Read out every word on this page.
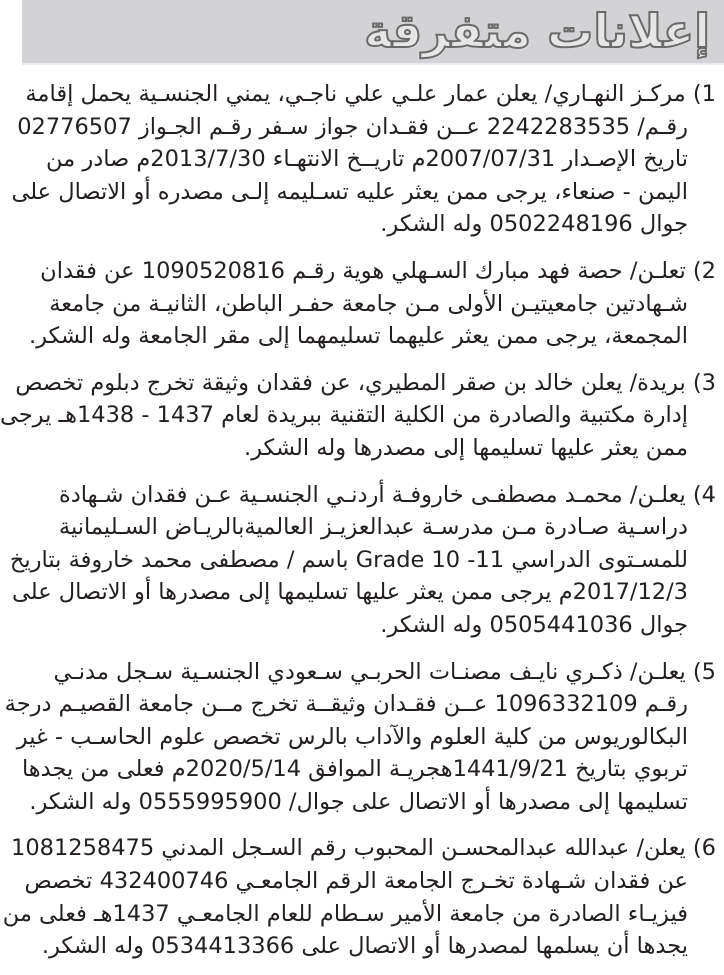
إعلانات متفرقة
1) مركـز النهـاري/ يعلن عمار علـي علي ناجـي، يمني الجنسـية يحمل إقامة
رقـم/ 2242283535 عــن فقـدان جواز سـفر رقـم الجـواز 02776507
تاريخ الإصـدار 2007/07/31م تاريــخ الانتهـاء 2013/7/30م صادر من
اليمن - صنعاء، يرجى ممن يعثر عليه تسـليمه إلـى مصدره أو الاتصال على
جوال 0502248196 وله الشكر.
2) تعلـن/ حصة فهد مبارك السـهلي هوية رقـم 1090520816 عن فقدان
شـهادتين جامعيتيـن الأولى مـن جامعة حفـر الباطن، الثانيـة من جامعة
المجمعة، يرجى ممن يعثر عليهما تسليمهما إلى مقر الجامعة وله الشكر.
3) بريدة/ يعلن خالد بن صقر المطيري، عن فقدان وثيقة تخرج دبلوم تخصص
إدارة مكتبية والصادرة من الكلية التقنية ببريدة لعام 1437 - 1438هـ يرجى
ممن يعثر عليها تسليمها إلى مصدرها وله الشكر.
4) يعلـن/ محمـد مصطفـى خاروفـة أردنـي الجنسـية عـن فقدان شـهادة
دراسـية صـادرة مـن مدرسـة عبدالعزيـز العالميةبالريـاض السـليمانية
للمسـتوى الدراسي 11- Grade 10 باسم / مصطفى محمد خاروفة بتاريخ
2017/12/3م يرجى ممن يعثر عليها تسليمها إلى مصدرها أو الاتصال على
جوال 0505441036 وله الشكر.
5) يعلـن/ ذكـري نايـف مصنـات الحربـي سـعودي الجنسـية سـجل مدنـي
رقـم 1096332109 عــن فقـدان وثيقــة تخرج مــن جامعة القصيـم درجة
البكالوريوس من كلية العلوم والآداب بالرس تخصص علوم الحاسـب - غير
تربوي بتاريخ 1441/9/21هجريـة الموافق 2020/5/14م فعلى من يجدها
تسليمها إلى مصدرها أو الاتصال على جوال/ 0555995900 وله الشكر.
6) يعلن/ عبدالله عبدالمحسـن المحبوب رقم السـجل المدني 1081258475
عن فقدان شـهادة تخـرج الجامعة الرقم الجامعـي 432400746 تخصص
فيزيـاء الصادرة من جامعة الأمير سـطام للعام الجامعـي 1437هـ فعلى من
يجدها أن يسلمها لمصدرها أو الاتصال على 0534413366 وله الشكر.
